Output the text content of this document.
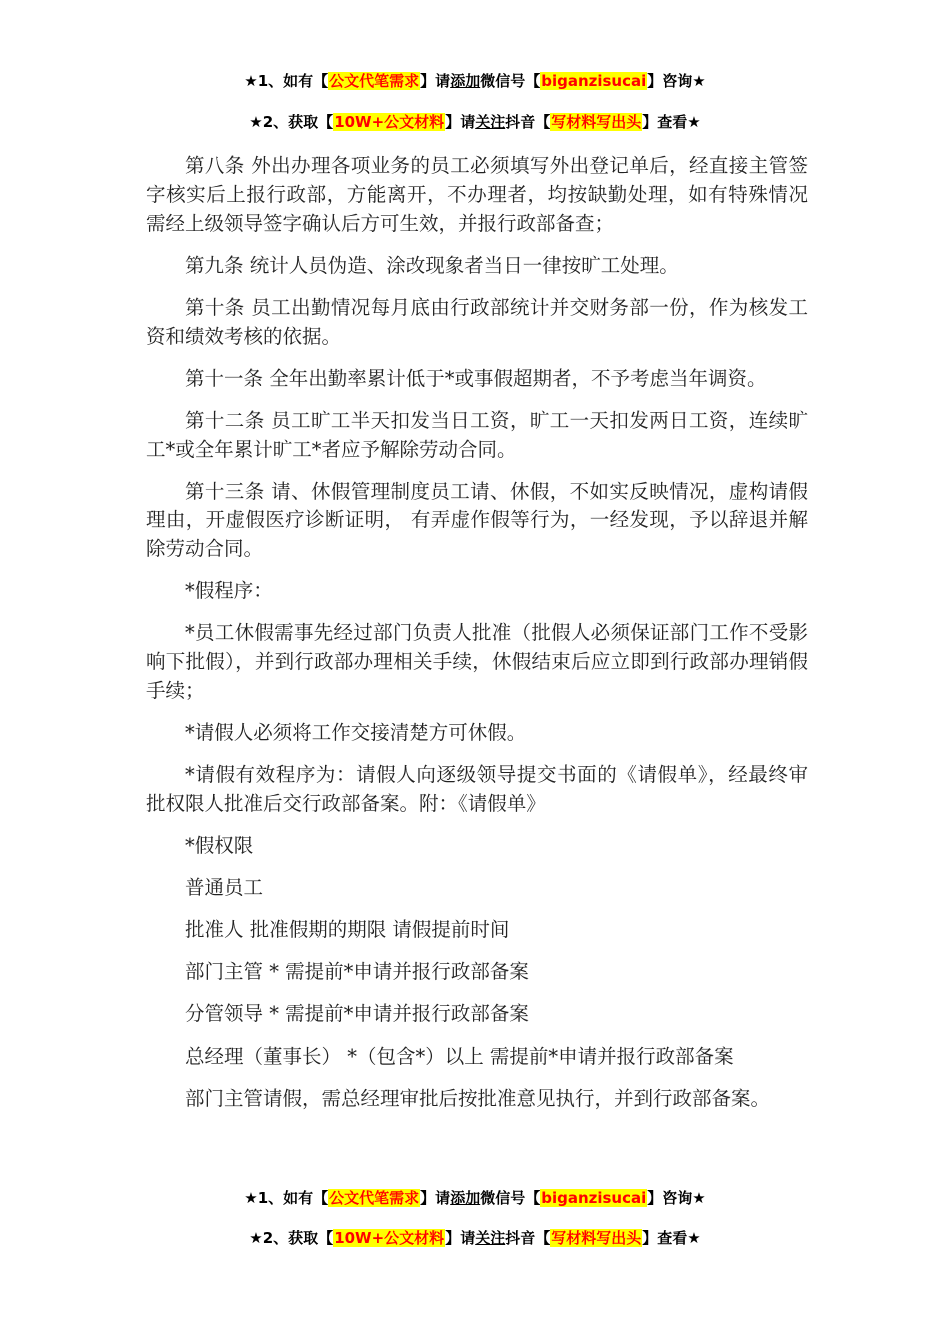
★1、如有【公文代笔需求】请添加微信号【biganzisucai】咨询★
★2、获取【10W+公文材料】请关注抖音【写材料写出头】查看★

第八条 外出办理各项业务的员工必须填写外出登记单后，经直接主管签字核实后上报行政部，方能离开，不办理者，均按缺勤处理，如有特殊情况需经上级领导签字确认后方可生效，并报行政部备查；

第九条 统计人员伪造、涂改现象者当日一律按旷工处理。

第十条 员工出勤情况每月底由行政部统计并交财务部一份，作为核发工资和绩效考核的依据。

第十一条 全年出勤率累计低于*或事假超期者，不予考虑当年调资。

第十二条 员工旷工半天扣发当日工资，旷工一天扣发两日工资，连续旷工*或全年累计旷工*者应予解除劳动合同。

第十三条 请、休假管理制度员工请、休假，不如实反映情况，虚构请假理由，开虚假医疗诊断证明， 有弄虚作假等行为，一经发现，予以辞退并解除劳动合同。

*假程序：

*员工休假需事先经过部门负责人批准（批假人必须保证部门工作不受影响下批假），并到行政部办理相关手续，休假结束后应立即到行政部办理销假手续；

*请假人必须将工作交接清楚方可休假。

*请假有效程序为：请假人向逐级领导提交书面的《请假单》，经最终审批权限人批准后交行政部备案。附：《请假单》

*假权限

普通员工

批准人 批准假期的期限 请假提前时间

部门主管 * 需提前*申请并报行政部备案

分管领导 * 需提前*申请并报行政部备案

总经理（董事长） *（包含*）以上 需提前*申请并报行政部备案

部门主管请假，需总经理审批后按批准意见执行，并到行政部备案。

★1、如有【公文代笔需求】请添加微信号【biganzisucai】咨询★
★2、获取【10W+公文材料】请关注抖音【写材料写出头】查看★
